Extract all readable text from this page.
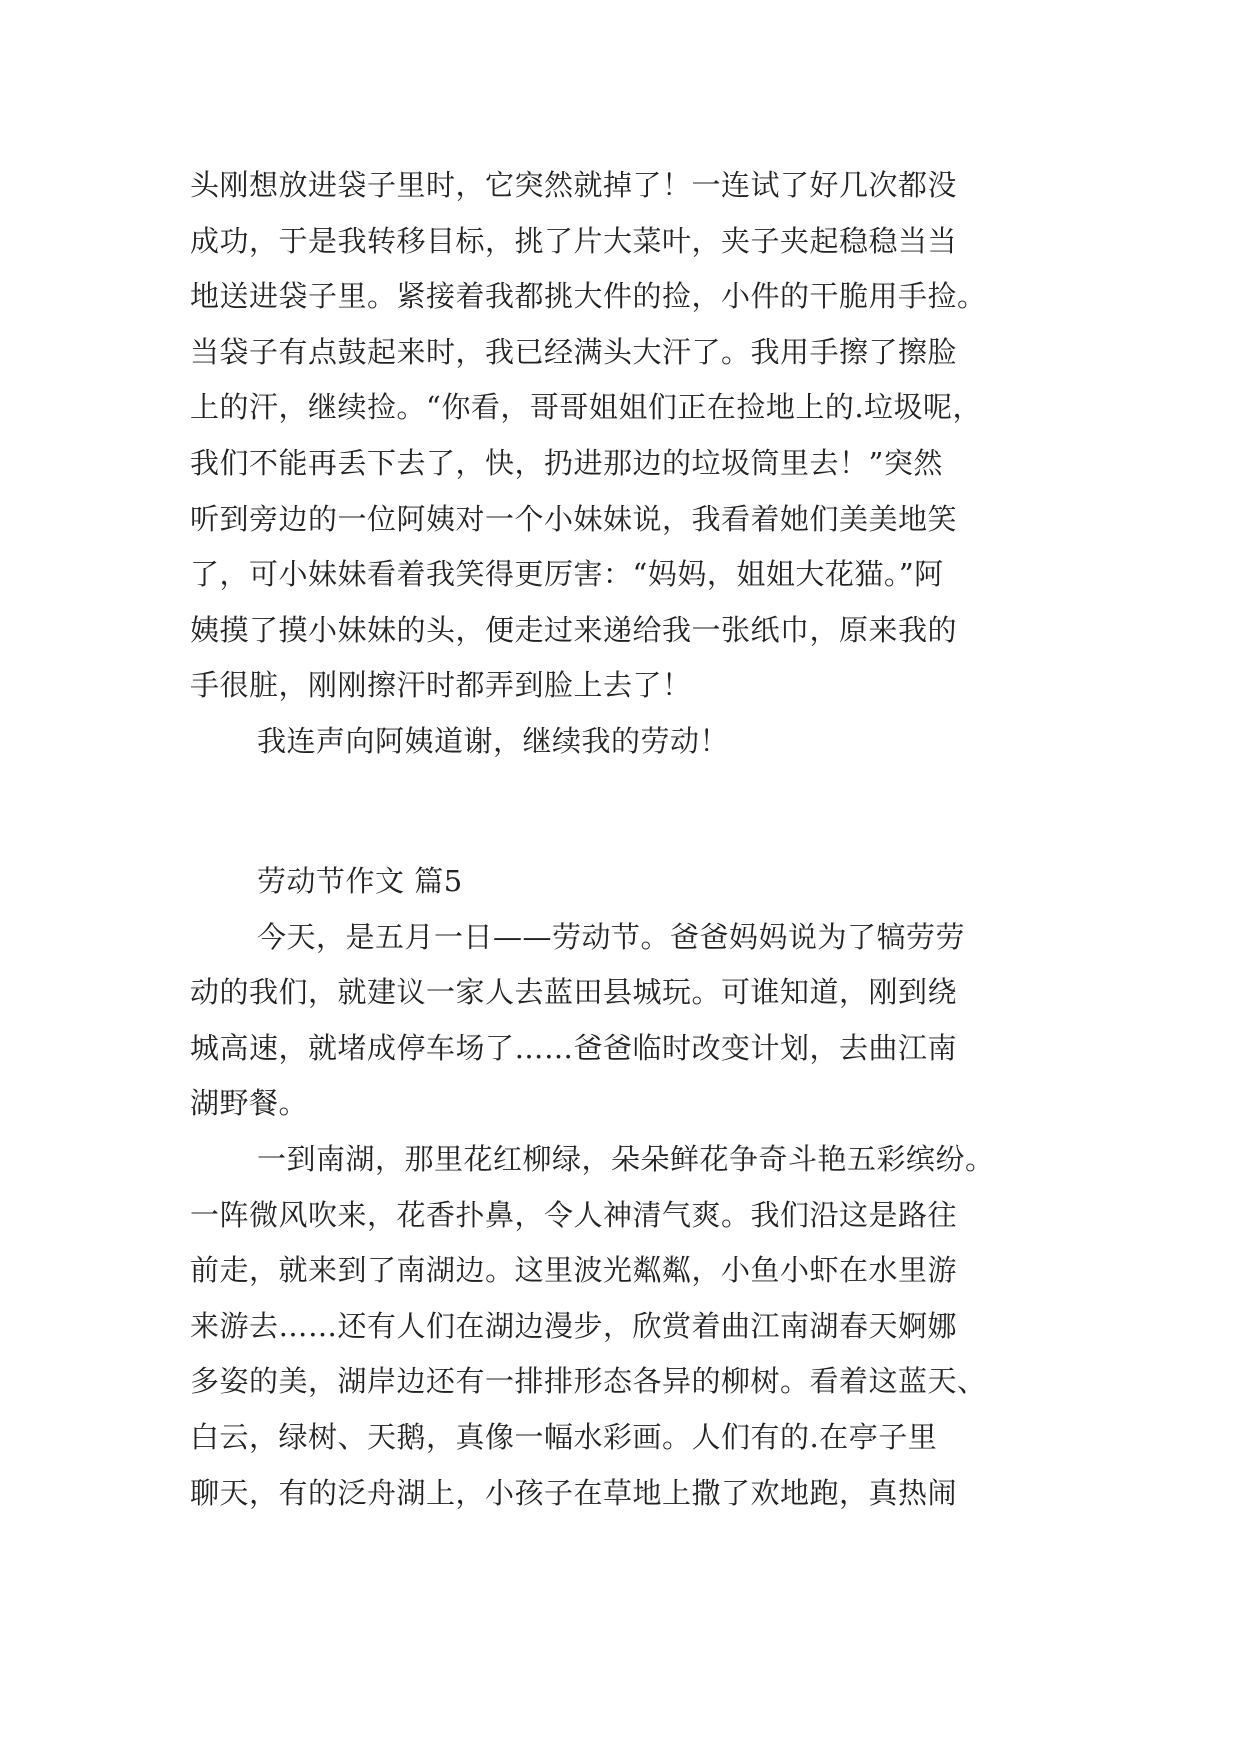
头刚想放进袋子里时，它突然就掉了！一连试了好几次都没
成功，于是我转移目标，挑了片大菜叶，夹子夹起稳稳当当
地送进袋子里。紧接着我都挑大件的捡，小件的干脆用手捡。
当袋子有点鼓起来时，我已经满头大汗了。我用手擦了擦脸
上的汗，继续捡。“你看，哥哥姐姐们正在捡地上的.垃圾呢，
我们不能再丢下去了，快，扔进那边的垃圾筒里去！”突然
听到旁边的一位阿姨对一个小妹妹说，我看着她们美美地笑
了，可小妹妹看着我笑得更厉害：“妈妈，姐姐大花猫。”阿
姨摸了摸小妹妹的头，便走过来递给我一张纸巾，原来我的
手很脏，刚刚擦汗时都弄到脸上去了！
我连声向阿姨道谢，继续我的劳动！
劳动节作文 篇5
今天，是五月一日——劳动节。爸爸妈妈说为了犒劳劳
动的我们，就建议一家人去蓝田县城玩。可谁知道，刚到绕
城高速，就堵成停车场了……爸爸临时改变计划，去曲江南
湖野餐。
一到南湖，那里花红柳绿，朵朵鲜花争奇斗艳五彩缤纷。
一阵微风吹来，花香扑鼻，令人神清气爽。我们沿这是路往
前走，就来到了南湖边。这里波光粼粼，小鱼小虾在水里游
来游去……还有人们在湖边漫步，欣赏着曲江南湖春天婀娜
多姿的美，湖岸边还有一排排形态各异的柳树。看着这蓝天、
白云，绿树、天鹅，真像一幅水彩画。人们有的.在亭子里
聊天，有的泛舟湖上，小孩子在草地上撒了欢地跑，真热闹
